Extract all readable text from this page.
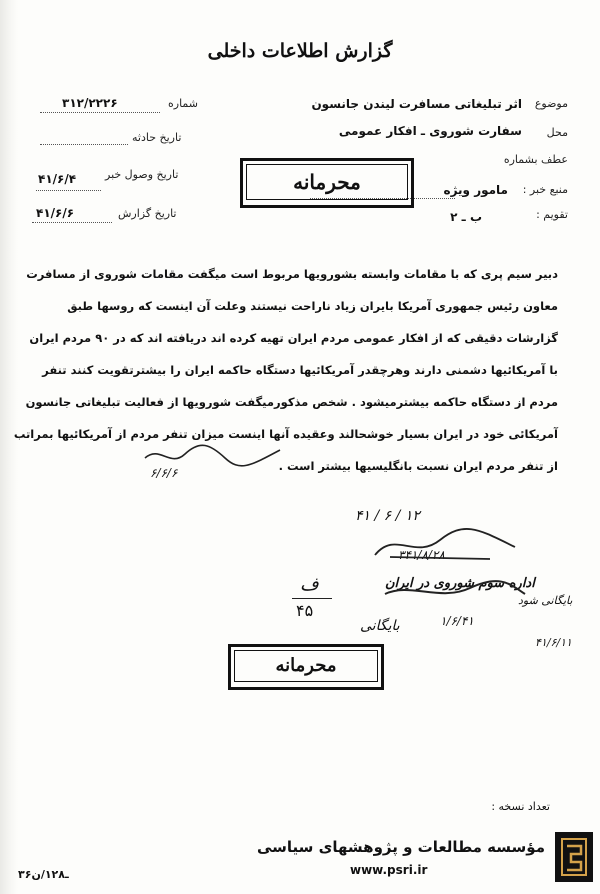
گزارش اطلاعات داخلی
شماره
۳۱۲/۲۲۲۶
تاریخ حادثه
تاریخ وصول خبر
۴۱/۶/۴
تاریخ گزارش
۴۱/۶/۶
موضوع
اثر تبلیغاتی مسافرت لیندن جانسون
محل
سفارت شوروی ـ افکار عمومی
عطف بشماره
منبع خبر :
مامور ویژه
تقویم :
ب ـ ۲
محرمانه
دبیر سیم پری که با مقامات وابسته بشورویها مربوط است میگفت مقامات شوروی از مسافرت
معاون رئیس جمهوری آمریکا بایران زیاد ناراحت نیستند وعلت آن اینست که روسها طبق
گزارشات دقیقی که از افکار عمومی مردم ایران تهیه کرده اند دریافته اند که در ۹۰ مردم ایران
با آمریکائیها دشمنی دارند وهرچقدر آمریکائیها دستگاه حاکمه ایران را بیشترتقویت کنند تنفر
مردم از دستگاه حاکمه بیشترمیشود . شخص مذکورمیگفت شورویها از فعالیت تبلیغاتی جانسون
آمریکائی خود در ایران بسیار خوشحالند وعقیده آنها اینست میزان تنفر مردم از آمریکائیها بمراتب
از تنفر مردم ایران نسبت بانگلیسیها بیشتر است .
۶/۶/۶
۱۲ / ۶ / ۴۱
۳۴۱/۸/۲۸
اداره سوم شوروی در ایران
ف
۴۵
بایگانی شود
۱/۶/۴۱
۴۱/۶/۱۱
بایگانی
محرمانه
تعداد نسخه :
مؤسسه مطالعات و پژوهشهای سیاسی
www.psri.ir
۳۶ـ۱۲۸/ن
